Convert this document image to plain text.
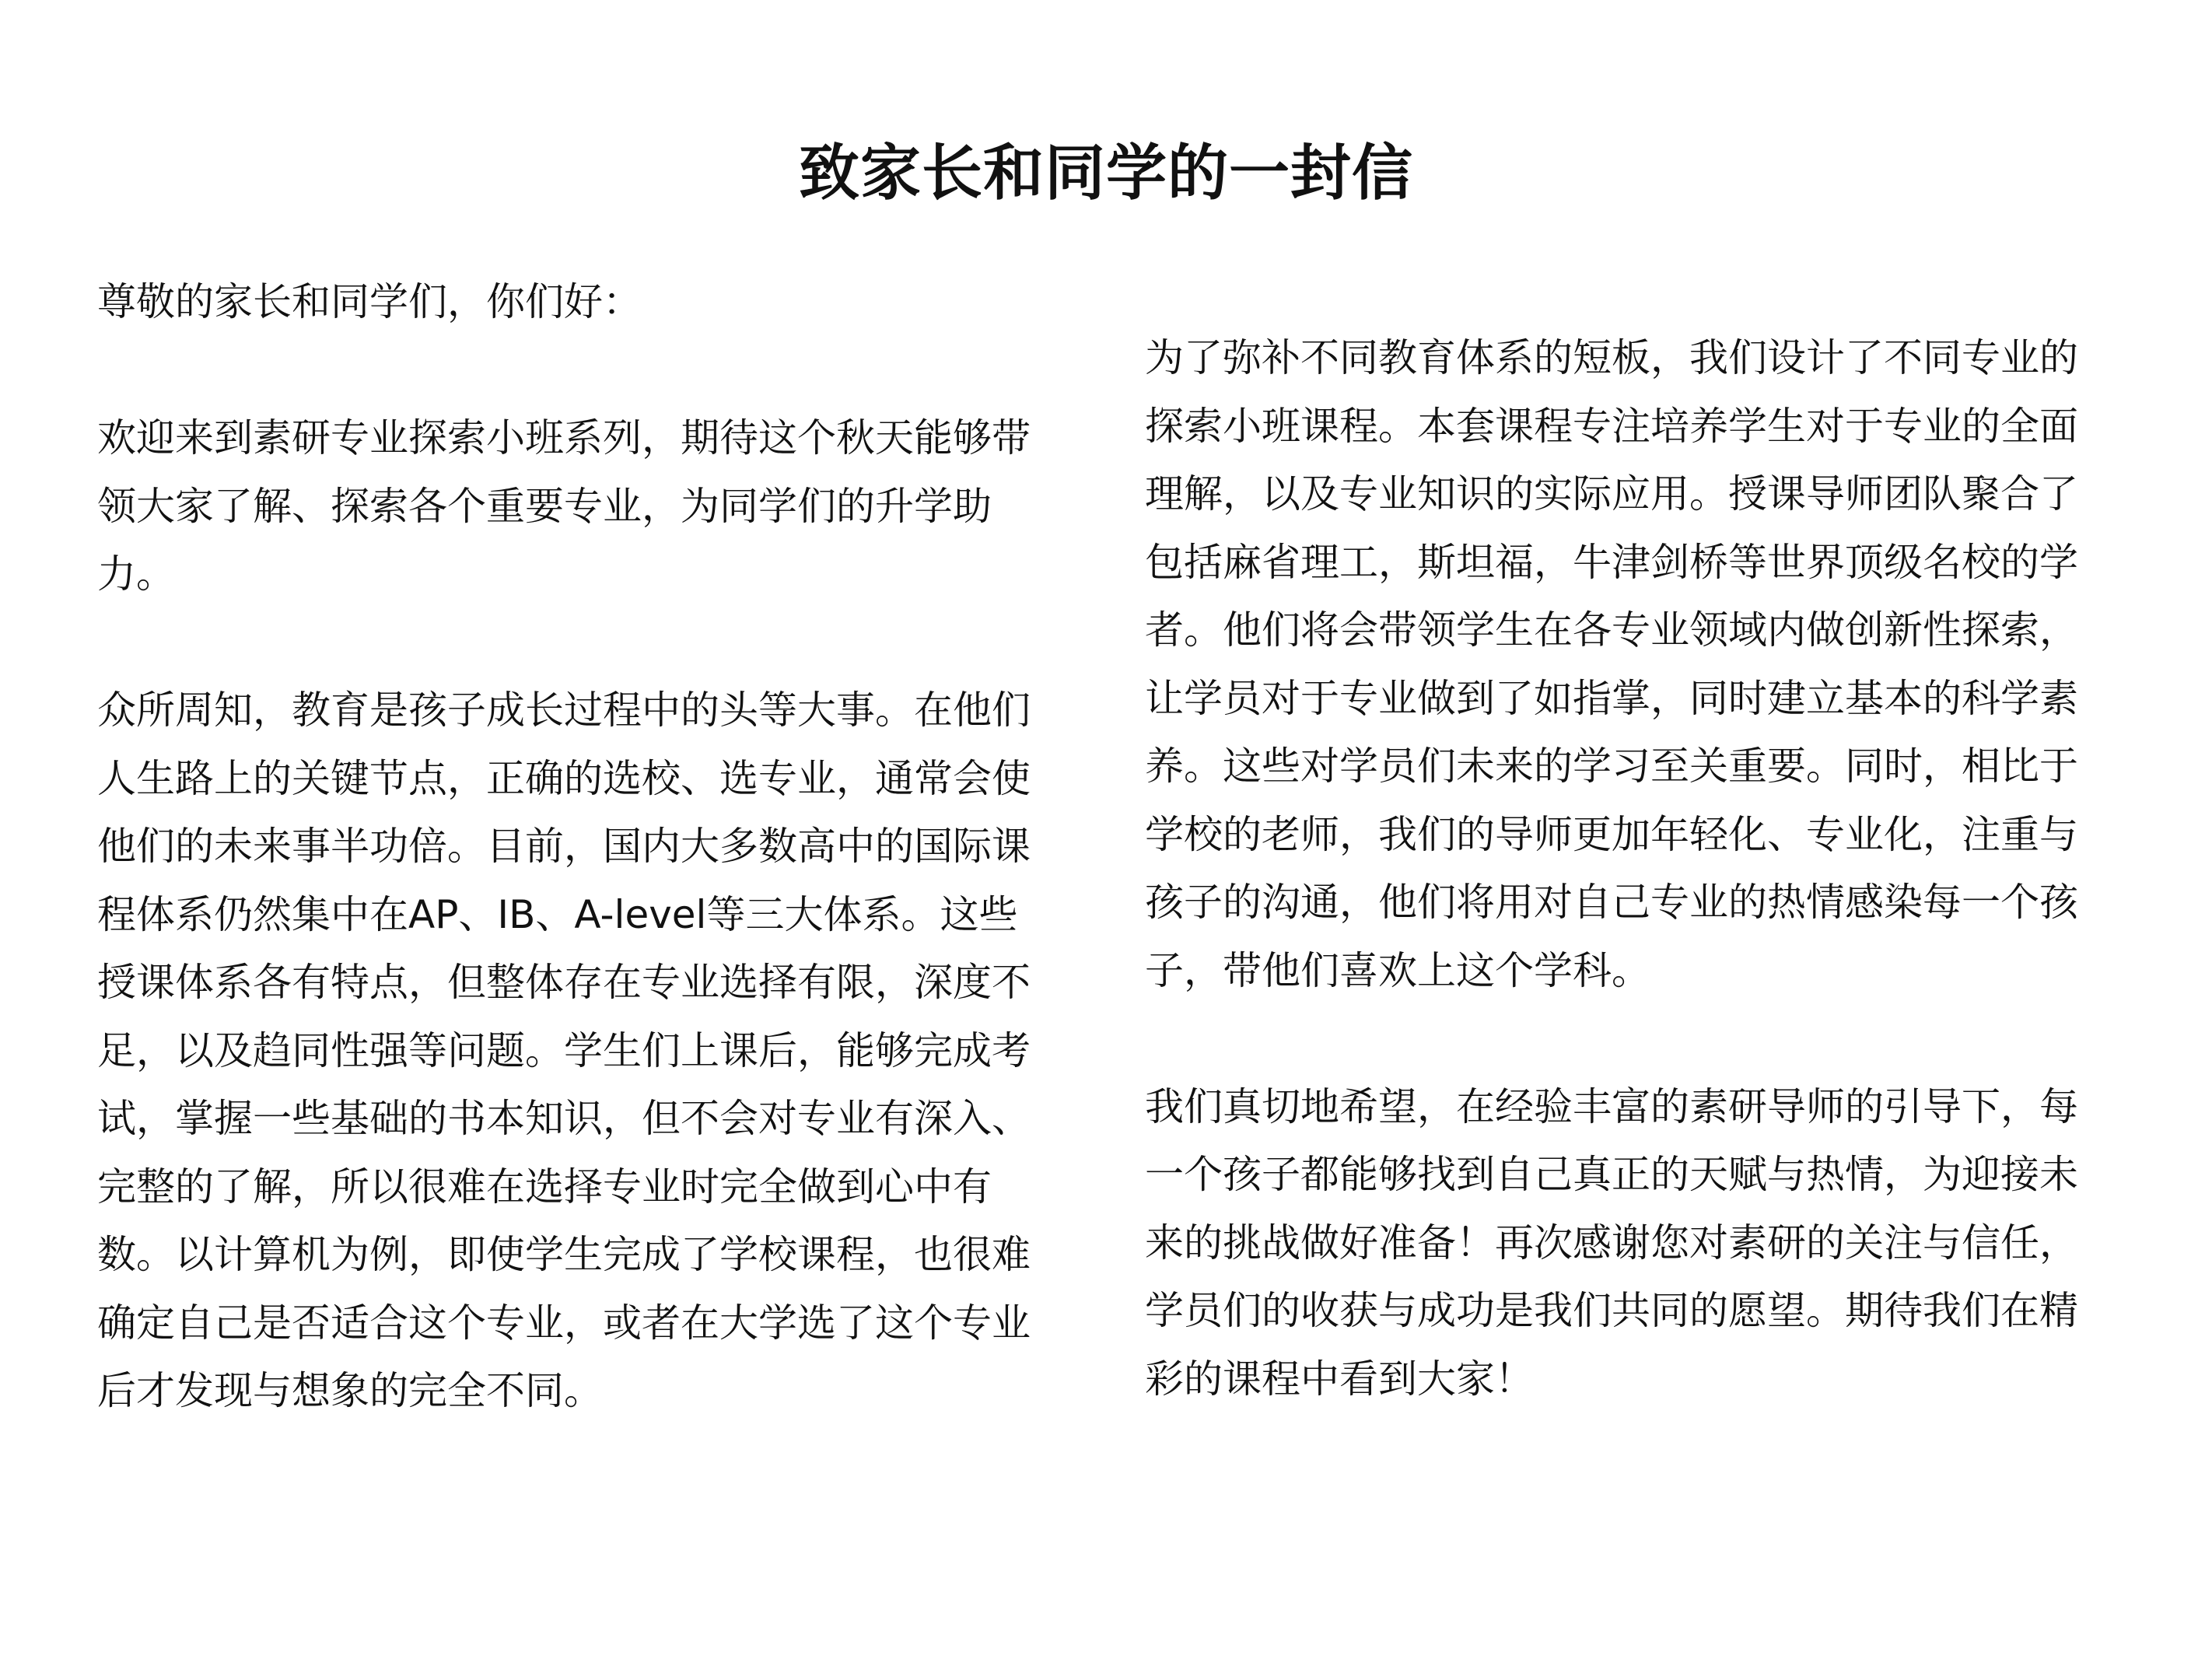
致家长和同学的一封信

尊敬的家长和同学们，你们好：

欢迎来到素研专业探索小班系列，期待这个秋天能够带领大家了解、探索各个重要专业，为同学们的升学助力。

众所周知，教育是孩子成长过程中的头等大事。在他们人生路上的关键节点，正确的选校、选专业，通常会使他们的未来事半功倍。目前，国内大多数高中的国际课程体系仍然集中在AP、IB、A-level等三大体系。这些授课体系各有特点，但整体存在专业选择有限，深度不足，以及趋同性强等问题。学生们上课后，能够完成考试，掌握一些基础的书本知识，但不会对专业有深入、完整的了解，所以很难在选择专业时完全做到心中有数。以计算机为例，即使学生完成了学校课程，也很难确定自己是否适合这个专业，或者在大学选了这个专业后才发现与想象的完全不同。

为了弥补不同教育体系的短板，我们设计了不同专业的探索小班课程。本套课程专注培养学生对于专业的全面理解，以及专业知识的实际应用。授课导师团队聚合了包括麻省理工，斯坦福，牛津剑桥等世界顶级名校的学者。他们将会带领学生在各专业领域内做创新性探索，让学员对于专业做到了如指掌，同时建立基本的科学素养。这些对学员们未来的学习至关重要。同时，相比于学校的老师，我们的导师更加年轻化、专业化，注重与孩子的沟通，他们将用对自己专业的热情感染每一个孩子，带他们喜欢上这个学科。

我们真切地希望，在经验丰富的素研导师的引导下，每一个孩子都能够找到自己真正的天赋与热情，为迎接未来的挑战做好准备！再次感谢您对素研的关注与信任，学员们的收获与成功是我们共同的愿望。期待我们在精彩的课程中看到大家！
